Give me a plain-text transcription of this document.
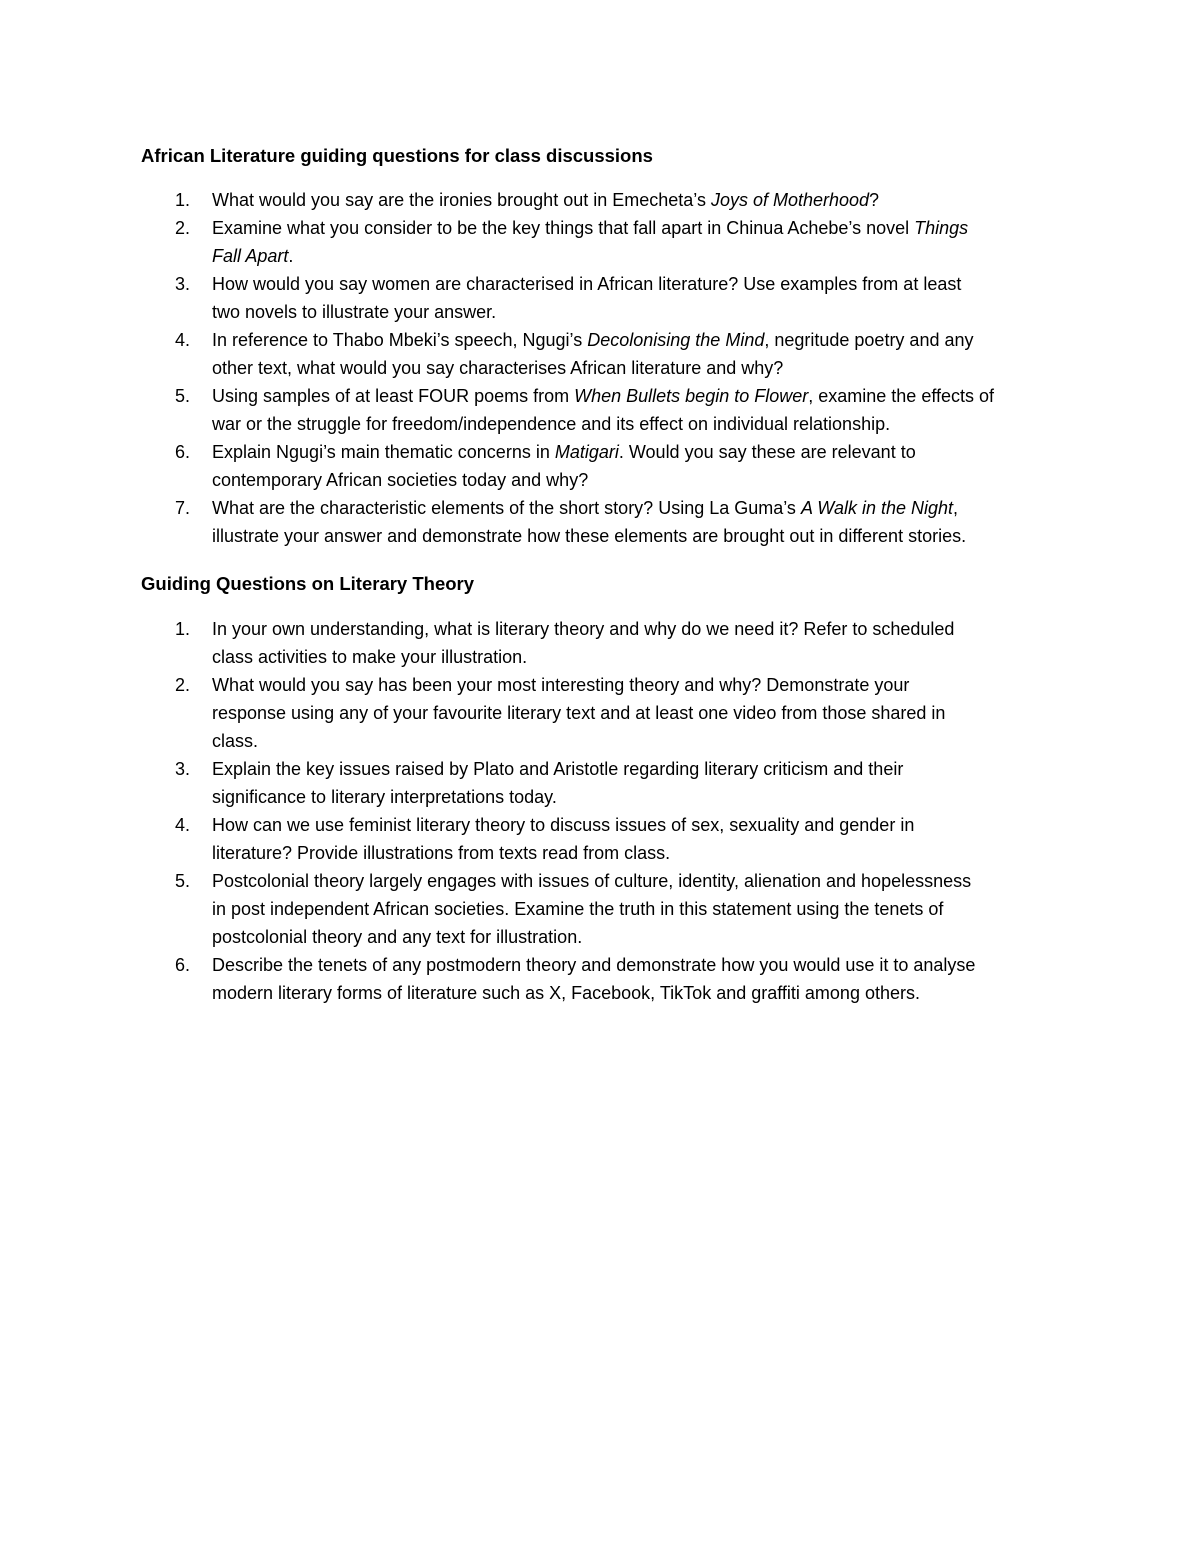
African Literature guiding questions for class discussions
1. What would you say are the ironies brought out in Emecheta’s Joys of Motherhood?
2. Examine what you consider to be the key things that fall apart in Chinua Achebe’s novel Things
Fall Apart.
3. How would you say women are characterised in African literature? Use examples from at least
two novels to illustrate your answer.
4. In reference to Thabo Mbeki’s speech, Ngugi’s Decolonising the Mind, negritude poetry and any
other text, what would you say characterises African literature and why?
5. Using samples of at least FOUR poems from When Bullets begin to Flower, examine the effects of
war or the struggle for freedom/independence and its effect on individual relationship.
6. Explain Ngugi’s main thematic concerns in Matigari. Would you say these are relevant to
contemporary African societies today and why?
7. What are the characteristic elements of the short story? Using La Guma’s A Walk in the Night,
illustrate your answer and demonstrate how these elements are brought out in different stories.
Guiding Questions on Literary Theory
1. In your own understanding, what is literary theory and why do we need it? Refer to scheduled
class activities to make your illustration.
2. What would you say has been your most interesting theory and why? Demonstrate your
response using any of your favourite literary text and at least one video from those shared in
class.
3. Explain the key issues raised by Plato and Aristotle regarding literary criticism and their
significance to literary interpretations today.
4. How can we use feminist literary theory to discuss issues of sex, sexuality and gender in
literature? Provide illustrations from texts read from class.
5. Postcolonial theory largely engages with issues of culture, identity, alienation and hopelessness
in post independent African societies. Examine the truth in this statement using the tenets of
postcolonial theory and any text for illustration.
6. Describe the tenets of any postmodern theory and demonstrate how you would use it to analyse
modern literary forms of literature such as X, Facebook, TikTok and graffiti among others.
